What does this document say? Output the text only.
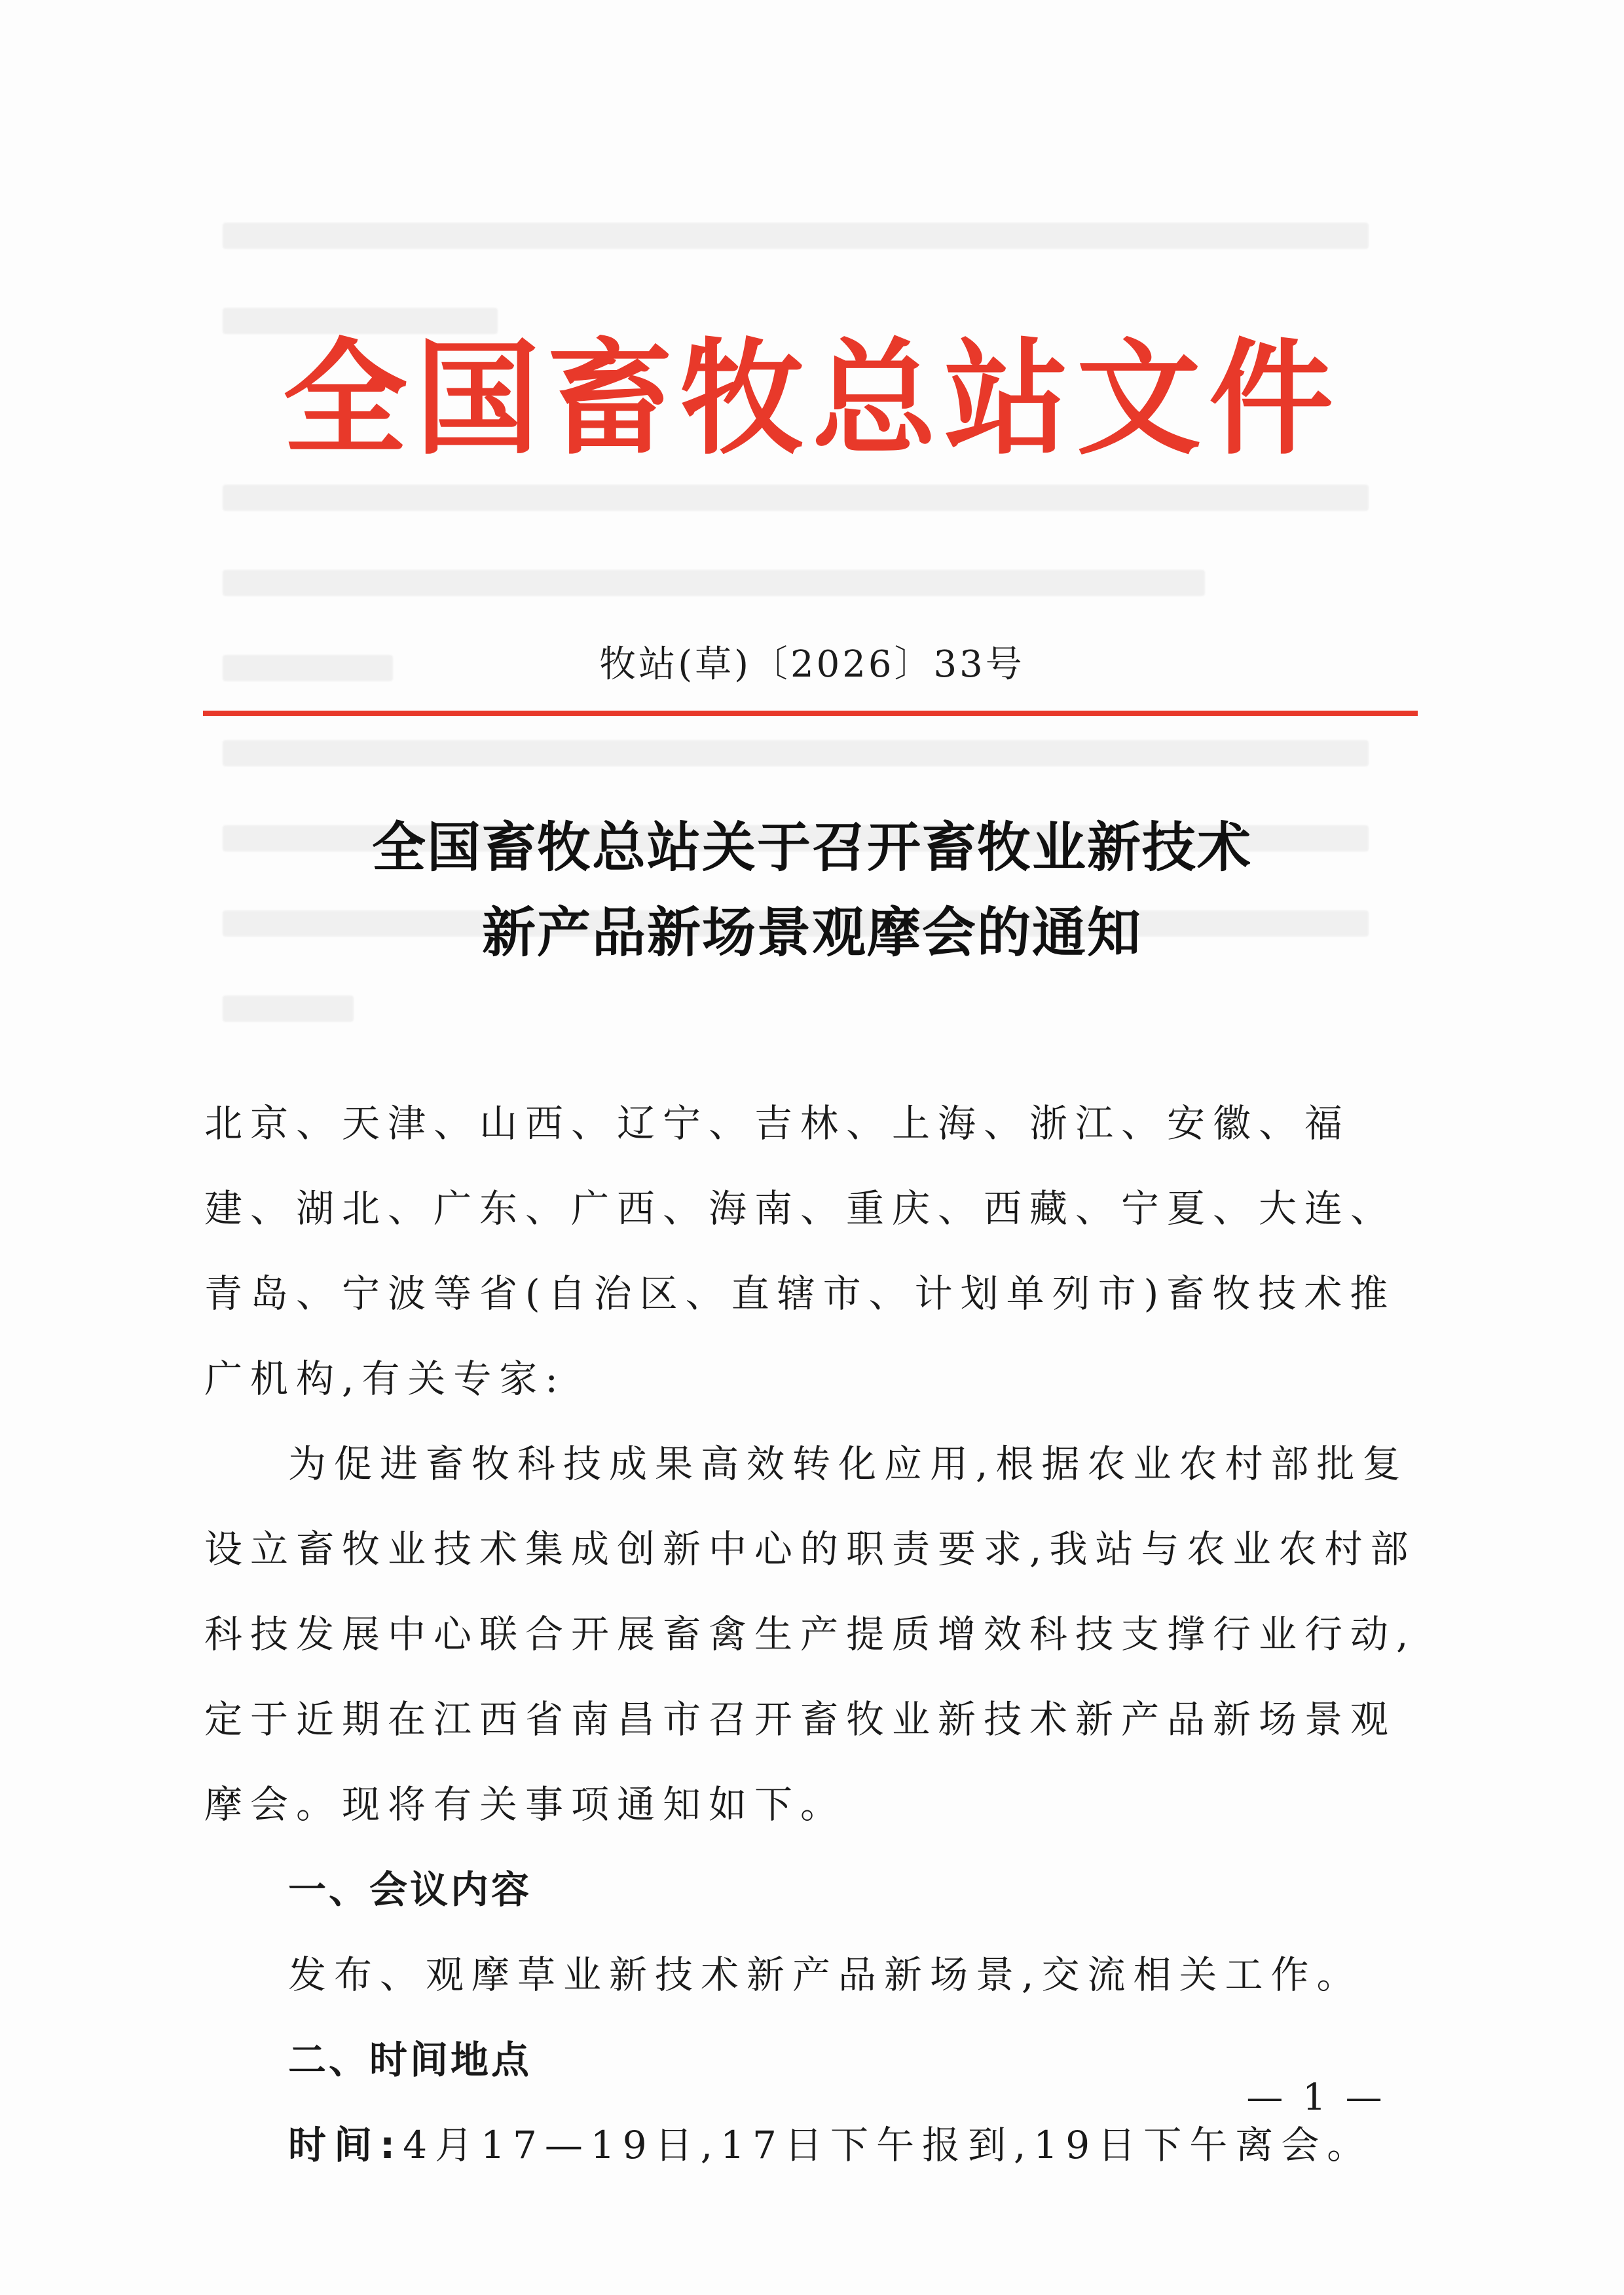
全国畜牧总站文件
牧站(草)〔2026〕33号
全国畜牧总站关于召开畜牧业新技术
新产品新场景观摩会的通知

北京、天津、山西、辽宁、吉林、上海、浙江、安徽、福建、湖北、广东、广西、海南、重庆、西藏、宁夏、大连、青岛、宁波等省(自治区、直辖市、计划单列市)畜牧技术推广机构,有关专家:

为促进畜牧科技成果高效转化应用,根据农业农村部批复设立畜牧业技术集成创新中心的职责要求,我站与农业农村部科技发展中心联合开展畜禽生产提质增效科技支撑行业行动,定于近期在江西省南昌市召开畜牧业新技术新产品新场景观摩会。现将有关事项通知如下。

一、会议内容

发布、观摩草业新技术新产品新场景,交流相关工作。

二、时间地点

时间:4月17—19日,17日下午报到,19日下午离会。

— 1 —
